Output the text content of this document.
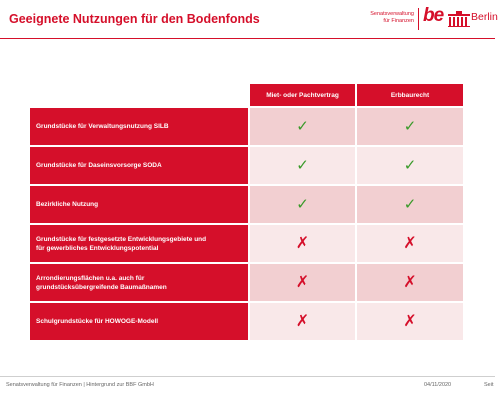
Geeignete Nutzungen für den Bodenfonds	Senatsverwaltung
für Finanzen be	Berlin
	Miet- oder Pachtvertrag	Erbbaurecht
Grundstücke für Verwaltungsnutzung SILB	✓	✓
Grundstücke für Daseinsvorsorge SODA	✓	✓
Bezirkliche Nutzung	✓	✓
Grundstücke für festgesetzte Entwicklungsgebiete und
für gewerbliches Entwicklungspotential	✗	✗
Arrondierungsflächen u.a. auch für
grundstücksübergreifende Baumaßnamen	✗	✗
Schulgrundstücke für HOWOGE-Modell	✗	✗
Senatsverwaltung für Finanzen | Hintergrund zur BBF GmbH	04/11/2020	Seit
